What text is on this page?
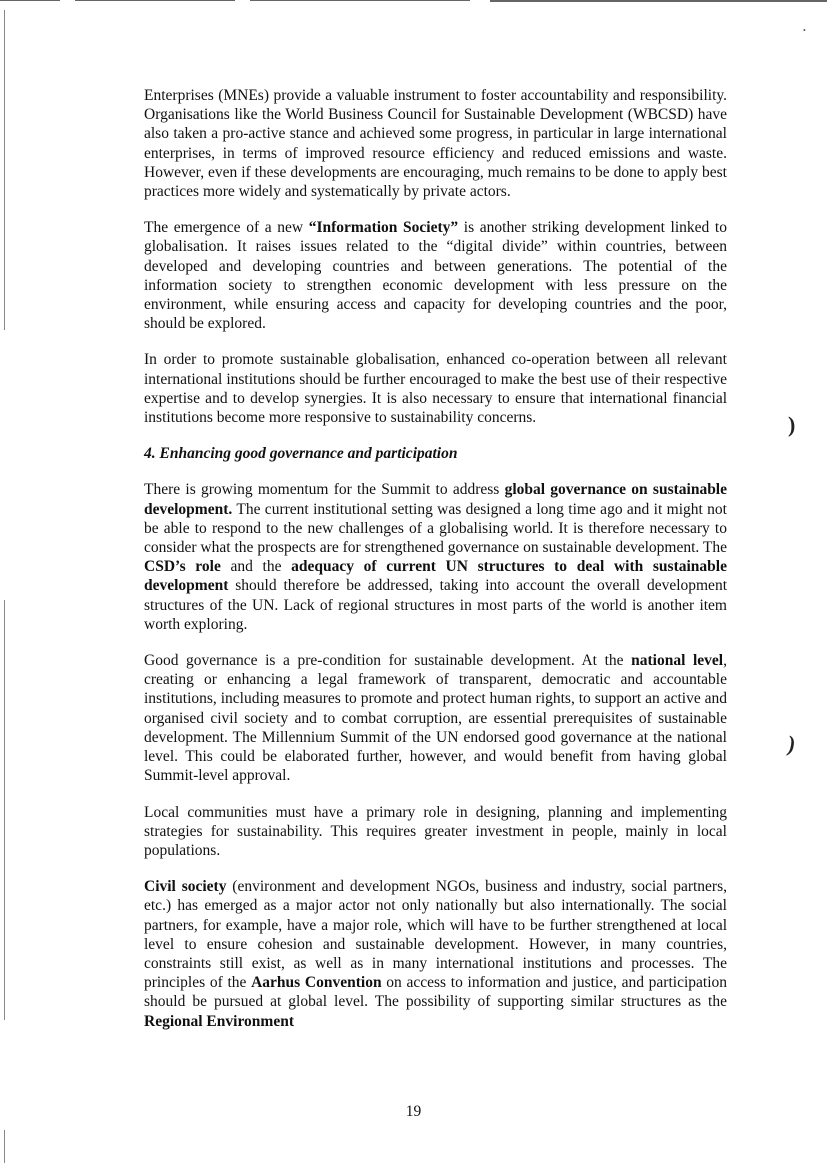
Enterprises (MNEs) provide a valuable instrument to foster accountability and responsibility. Organisations like the World Business Council for Sustainable Development (WBCSD) have also taken a pro-active stance and achieved some progress, in particular in large international enterprises, in terms of improved resource efficiency and reduced emissions and waste. However, even if these developments are encouraging, much remains to be done to apply best practices more widely and systematically by private actors.

The emergence of a new “Information Society” is another striking development linked to globalisation. It raises issues related to the “digital divide” within countries, between developed and developing countries and between generations. The potential of the information society to strengthen economic development with less pressure on the environment, while ensuring access and capacity for developing countries and the poor, should be explored.

In order to promote sustainable globalisation, enhanced co-operation between all relevant international institutions should be further encouraged to make the best use of their respective expertise and to develop synergies. It is also necessary to ensure that international financial institutions become more responsive to sustainability concerns.

4. Enhancing good governance and participation

There is growing momentum for the Summit to address global governance on sustainable development. The current institutional setting was designed a long time ago and it might not be able to respond to the new challenges of a globalising world. It is therefore necessary to consider what the prospects are for strengthened governance on sustainable development. The CSD’s role and the adequacy of current UN structures to deal with sustainable development should therefore be addressed, taking into account the overall development structures of the UN. Lack of regional structures in most parts of the world is another item worth exploring.

Good governance is a pre-condition for sustainable development. At the national level, creating or enhancing a legal framework of transparent, democratic and accountable institutions, including measures to promote and protect human rights, to support an active and organised civil society and to combat corruption, are essential prerequisites of sustainable development. The Millennium Summit of the UN endorsed good governance at the national level. This could be elaborated further, however, and would benefit from having global Summit-level approval.

Local communities must have a primary role in designing, planning and implementing strategies for sustainability. This requires greater investment in people, mainly in local populations.

Civil society (environment and development NGOs, business and industry, social partners, etc.) has emerged as a major actor not only nationally but also internationally. The social partners, for example, have a major role, which will have to be further strengthened at local level to ensure cohesion and sustainable development. However, in many countries, constraints still exist, as well as in many international institutions and processes. The principles of the Aarhus Convention on access to information and justice, and participation should be pursued at global level. The possibility of supporting similar structures as the Regional Environment

)
)
•
19
